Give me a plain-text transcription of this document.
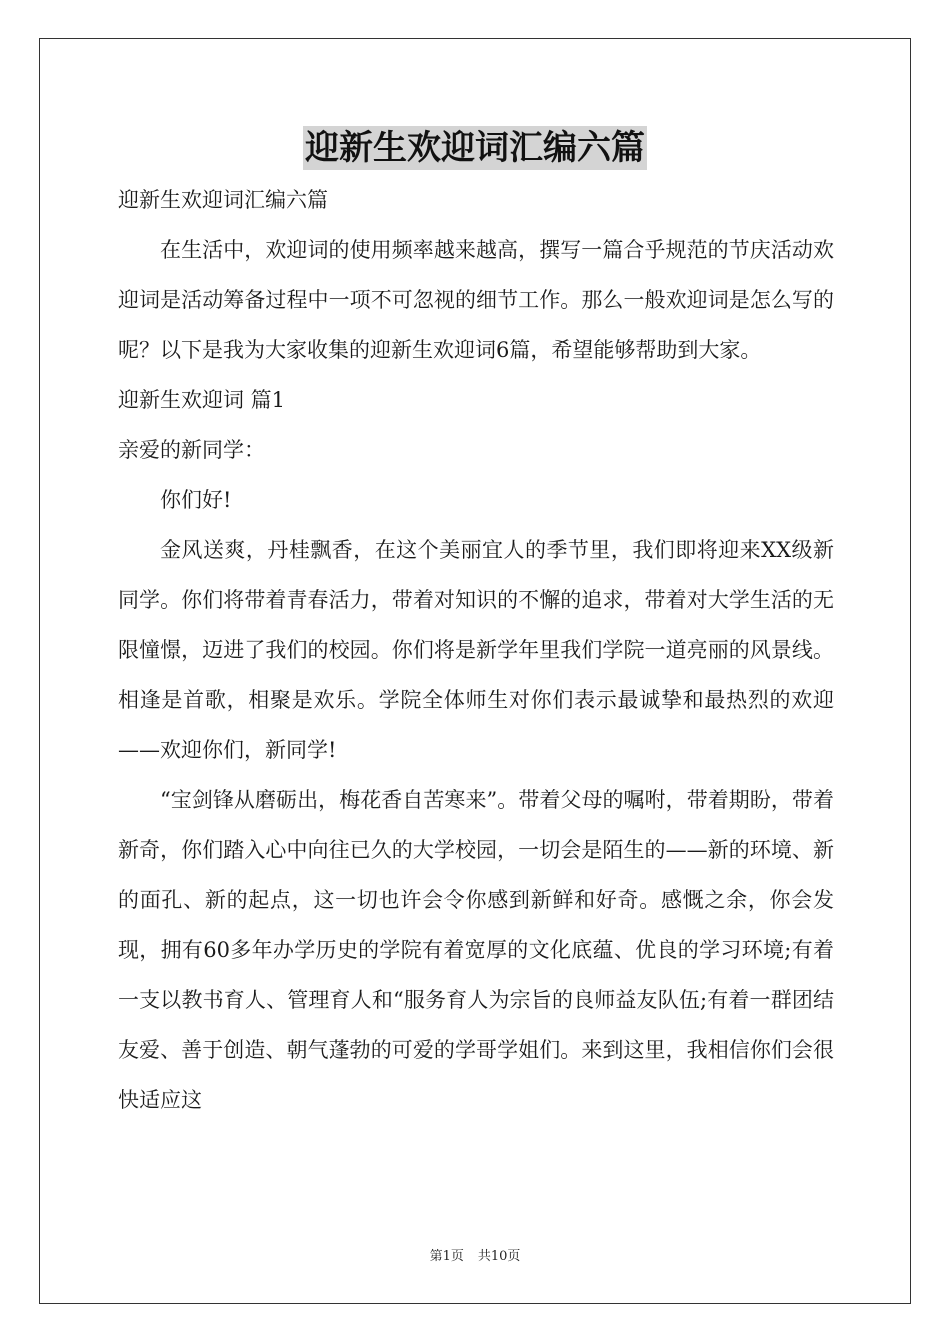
迎新生欢迎词汇编六篇

迎新生欢迎词汇编六篇

在生活中，欢迎词的使用频率越来越高，撰写一篇合乎规范的节庆活动欢迎词是活动筹备过程中一项不可忽视的细节工作。那么一般欢迎词是怎么写的呢？以下是我为大家收集的迎新生欢迎词6篇，希望能够帮助到大家。

迎新生欢迎词 篇1

亲爱的新同学：

你们好!

金风送爽，丹桂飘香，在这个美丽宜人的季节里，我们即将迎来XX级新同学。你们将带着青春活力，带着对知识的不懈的追求，带着对大学生活的无限憧憬，迈进了我们的校园。你们将是新学年里我们学院一道亮丽的风景线。相逢是首歌，相聚是欢乐。学院全体师生对你们表示最诚挚和最热烈的欢迎——欢迎你们，新同学!

“宝剑锋从磨砺出，梅花香自苦寒来”。带着父母的嘱咐，带着期盼，带着新奇，你们踏入心中向往已久的大学校园，一切会是陌生的——新的环境、新的面孔、新的起点，这一切也许会令你感到新鲜和好奇。感慨之余，你会发现，拥有60多年办学历史的学院有着宽厚的文化底蕴、优良的学习环境;有着一支以教书育人、管理育人和“服务育人为宗旨的良师益友队伍;有着一群团结友爱、善于创造、朝气蓬勃的可爱的学哥学姐们。来到这里，我相信你们会很快适应这

第1页 共10页
